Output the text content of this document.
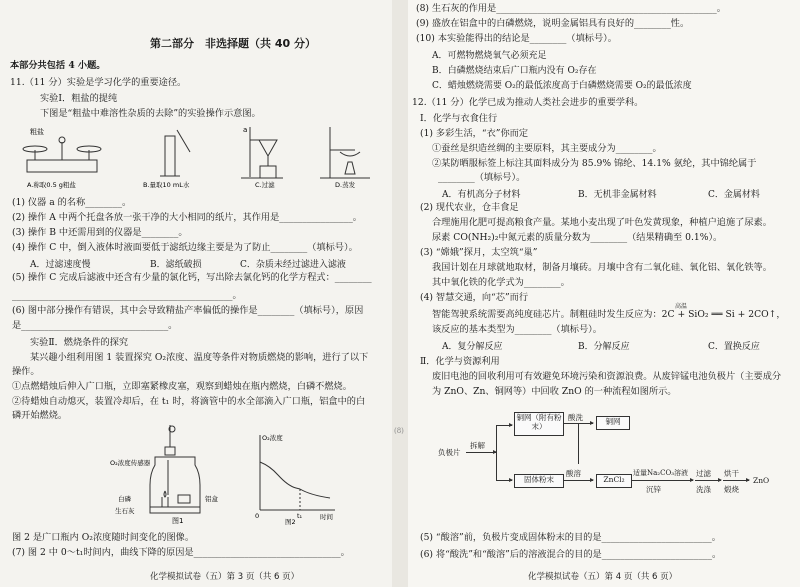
第二部分　非选择题（共 40 分）
本部分共包括 4 小题。
11.（11 分）实验是学习化学的重要途径。
实验Ⅰ．粗盐的提纯
下图是“粗盐中难溶性杂质的去除”的实验操作示意图。
粗盐	a
A.称取0.5 g粗盐	B.量取10 mL水	C.过滤	D.蒸发
(1) 仪器 a 的名称________。
(2) 操作 A 中两个托盘各放一张干净的大小相同的纸片，其作用是________________。
(3) 操作 B 中还需用到的仪器是________。
(4) 操作 C 中，倒入液体时液面要低于滤纸边缘主要是为了防止________（填标号）。
A．过滤速度慢	B．滤纸破损	C．杂质未经过滤进入滤液
(5) 操作 C 完成后滤液中还含有少量的氯化钙，写出除去氯化钙的化学方程式：________
________________________________________________。
(6) 图中部分操作有错误，其中会导致精盐产率偏低的操作是________（填标号），原因
是________________________________。
实验Ⅱ．燃烧条件的探究
某兴趣小组利用图 1 装置探究 O₂浓度、温度等条件对物质燃烧的影响，进行了以下
操作。
①点燃蜡烛后伸入广口瓶，立即塞紧橡皮塞，观察到蜡烛在瓶内燃烧，白磷不燃烧。
②待蜡烛自动熄灭，装置冷却后，在 t₁ 时，将滴管中的水全部滴入广口瓶，铝盒中的白
磷开始燃烧。
O₂浓度传感器
白磷
生石灰
铝盒
图1
O₂浓度
时间
t₁
0
图2
图 2 是广口瓶内 O₂浓度随时间变化的图像。
(7) 图 2 中 0～t₁时间内，曲线下降的原因是________________________________。
化学模拟试卷（五）第 3 页（共 6 页）
(8) 生石灰的作用是________________________________________________。
(9) 盛放在铝盒中的白磷燃烧，说明金属铝具有良好的________性。
(10) 本实验能得出的结论是________（填标号）。
A．可燃物燃烧氧气必须充足
B．白磷燃烧结束后广口瓶内没有 O₂存在
C．蜡烛燃烧需要 O₂的最低浓度高于白磷燃烧需要 O₂的最低浓度
12.（11 分）化学已成为推动人类社会进步的重要学科。
Ⅰ．化学与衣食住行
(1) 多彩生活，“衣”你而定
①蚕丝是织造丝绸的主要原料，其主要成分为________。
②某防晒服标签上标注其面料成分为 85.9% 锦纶、14.1% 氨纶，其中锦纶属于
________（填标号）。
A．有机高分子材料	B．无机非金属材料	C．金属材料
(2) 现代农业，仓丰食足
合理施用化肥可提高粮食产量。某地小麦出现了叶色发黄现象，种植户追施了尿素。
尿素 CO(NH₂)₂中氮元素的质量分数为________（结果精确至 0.1%）。
(3) “嫦娥”探月，太空筑“巢”
我国计划在月球就地取材，制备月壤砖。月壤中含有二氧化硅、氧化铝、氧化铁等。
其中氧化铁的化学式为________。
(4) 智慧交通，向“芯”而行
高温
智能驾驶系统需要高纯度硅芯片。制粗硅时发生反应为：2C + SiO₂ ══ Si + 2CO↑，
该反应的基本类型为________（填标号）。
A．复分解反应	B．分解反应	C．置换反应
Ⅱ．化学与资源利用
废旧电池的回收利用可有效避免环境污染和资源浪费。从废锌锰电池负极片（主要成分
为 ZnO、Zn、铜网等）中回收 ZnO 的一种流程如图所示。
负极片
拆解
铜网（附有粉末）
酸洗	铜网
固体粉末
酸溶
ZnCl₂
适量Na₂CO₃溶液
沉锌
过滤
洗涤
烘干
煅烧
ZnO
(5) “酸溶”前，负极片变成固体粉末的目的是________________________。
(6) 将“酸洗”和“酸溶”后的溶液混合的目的是________________________。
化学模拟试卷（五）第 4 页（共 6 页）
(8)
